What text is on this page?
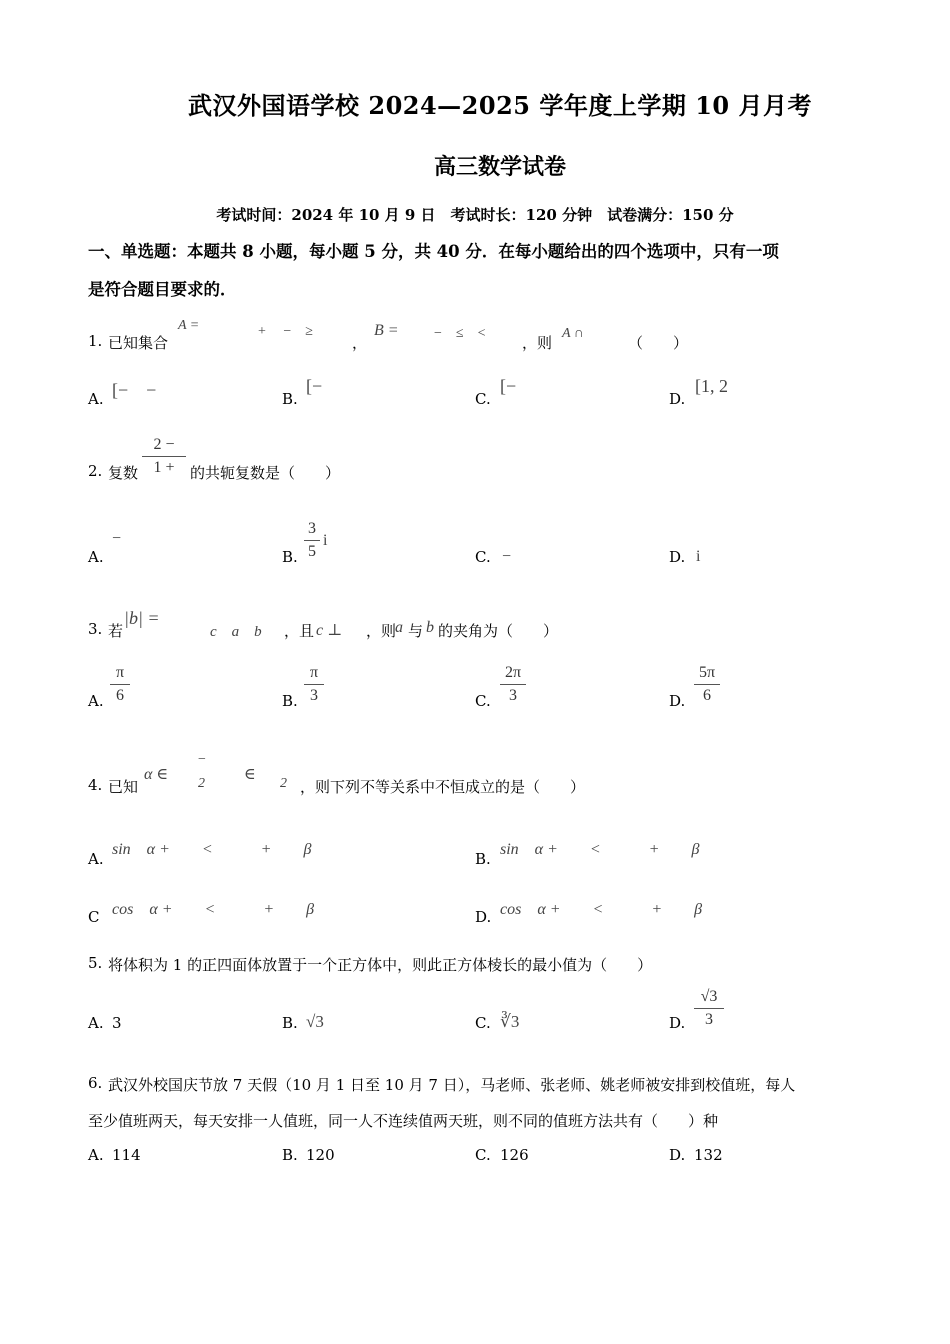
武汉外国语学校 2024—2025 学年度上学期 10 月月考
高三数学试卷
考试时间：2024 年 10 月 9 日　考试时长：120 分钟　试卷满分：150 分
一、单选题：本题共 8 小题，每小题 5 分，共 40 分．在每小题给出的四个选项中，只有一项
是符合题目要求的．
1. 已知集合
A =	+　 −　≥
，
B =	−　≤　<
，则
A ∩
（　　）
A. [−　−	B.
[−
C.
[−
D.
[1, 2
2. 复数
2 −
1 +	的共轭复数是（　　）
A.
−
B.
3
5
i
C. −	D. i
3. 若
|b| =
c　a　b ，且 c ⊥ ，则
a 与 b 的夹角为（　　）
A.
π
6	B.
π
3	C.
2π
3	D.
5π
6
4. 已知
α ∈
−
2
∈
2 ，则下列不等关系中不恒成立的是（　　）
A.
sin　α +　　<　　　+　　β
B.
sin　α +　　<　　　+　　β
C cos　α +　　<　　　+　　β	D. cos　α +　　<　　　+　　β
5. 将体积为 1 的正四面体放置于一个正方体中，则此正方体棱长的最小值为（　　）
A. 3	B. √3	C. ∛3	D.
√3
3
6. 武汉外校国庆节放 7 天假（10 月 1 日至 10 月 7 日），马老师、张老师、姚老师被安排到校值班，每人
至少值班两天，每天安排一人值班，同一人不连续值两天班，则不同的值班方法共有（　　）种
A. 114	B. 120	C. 126	D. 132
